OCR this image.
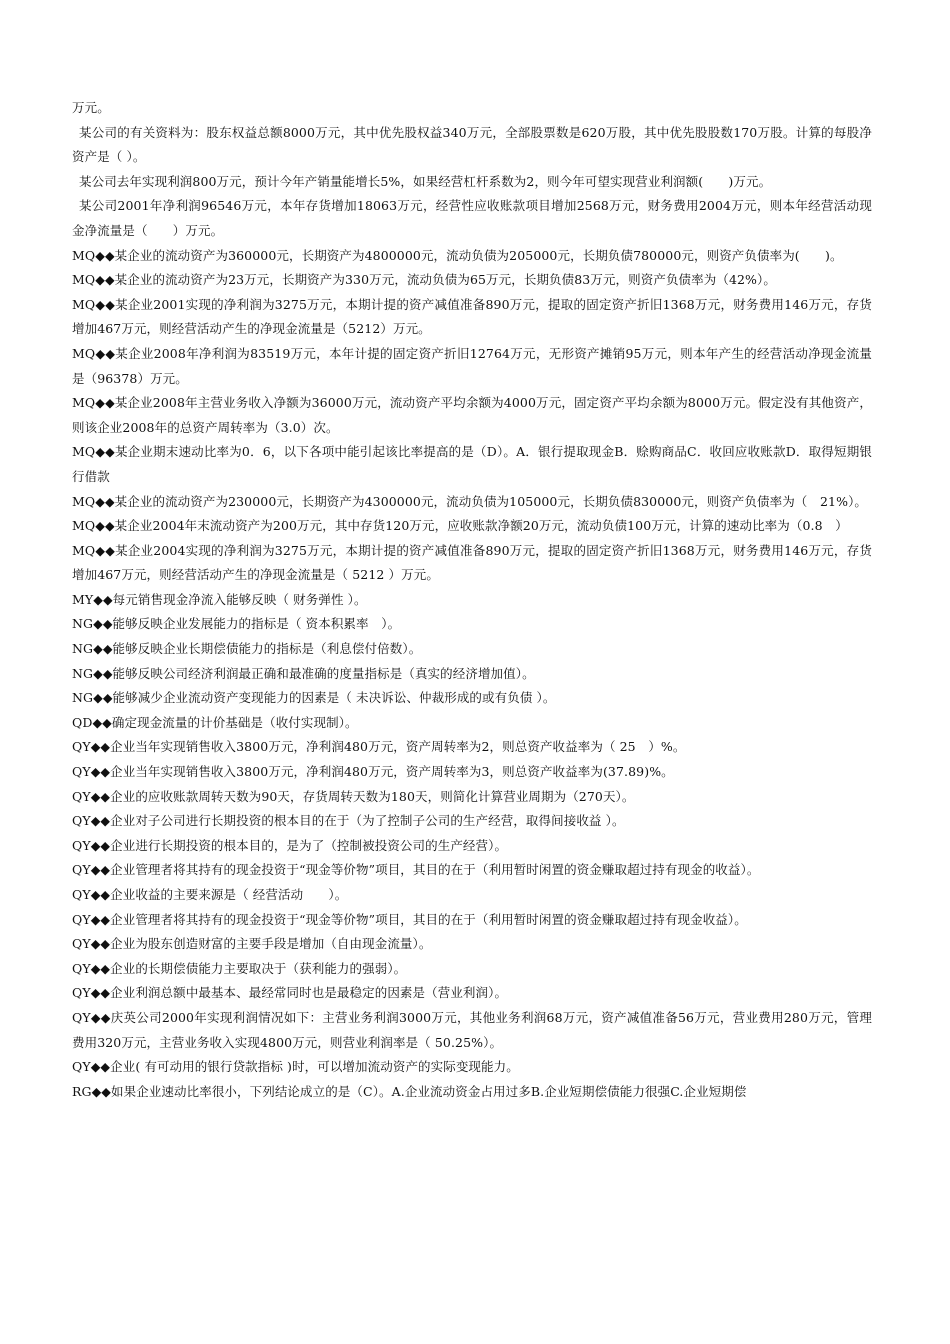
万元。

某公司的有关资料为：股东权益总额8000万元，其中优先股权益340万元，全部股票数是620万股，其中优先股股数170万股。计算的每股净资产是（ ）。

某公司去年实现利润800万元，预计今年产销量能增长5%，如果经营杠杆系数为2，则今年可望实现营业利润额(　　)万元。

某公司2001年净利润96546万元，本年存货增加18063万元，经营性应收账款项目增加2568万元，财务费用2004万元，则本年经营活动现金净流量是（　　）万元。

MQ◆◆某企业的流动资产为360000元，长期资产为4800000元，流动负债为205000元，长期负债780000元，则资产负债率为(　　)。

MQ◆◆某企业的流动资产为23万元，长期资产为330万元，流动负债为65万元，长期负债83万元，则资产负债率为（42%）。

MQ◆◆某企业2001实现的净利润为3275万元，本期计提的资产减值准备890万元，提取的固定资产折旧1368万元，财务费用146万元，存货增加467万元，则经营活动产生的净现金流量是（5212）万元。

MQ◆◆某企业2008年净利润为83519万元，本年计提的固定资产折旧12764万元，无形资产摊销95万元，则本年产生的经营活动净现金流量是（96378）万元。

MQ◆◆某企业2008年主营业务收入净额为36000万元，流动资产平均余额为4000万元，固定资产平均余额为8000万元。假定没有其他资产，则该企业2008年的总资产周转率为（3.0）次。

MQ◆◆某企业期末速动比率为0．6，以下各项中能引起该比率提高的是（D）。A．银行提取现金B．赊购商品C．收回应收账款D．取得短期银行借款

MQ◆◆某企业的流动资产为230000元，长期资产为4300000元，流动负债为105000元，长期负债830000元，则资产负债率为（　21%）。

MQ◆◆某企业2004年末流动资产为200万元，其中存货120万元，应收账款净额20万元，流动负债100万元，计算的速动比率为（0.8　）

MQ◆◆某企业2004实现的净利润为3275万元，本期计提的资产减值准备890万元，提取的固定资产折旧1368万元，财务费用146万元，存货增加467万元，则经营活动产生的净现金流量是（ 5212 ）万元。

MY◆◆每元销售现金净流入能够反映（ 财务弹性 ）。

NG◆◆能够反映企业发展能力的指标是（ 资本积累率　）。

NG◆◆能够反映企业长期偿债能力的指标是（利息偿付倍数）。

NG◆◆能够反映公司经济利润最正确和最准确的度量指标是（真实的经济增加值）。

NG◆◆能够减少企业流动资产变现能力的因素是（ 未决诉讼、仲裁形成的或有负债 ）。

QD◆◆确定现金流量的计价基础是（收付实现制）。

QY◆◆企业当年实现销售收入3800万元，净利润480万元，资产周转率为2，则总资产收益率为（ 25　）%。

QY◆◆企业当年实现销售收入3800万元，净利润480万元，资产周转率为3，则总资产收益率为(37.89)%。

QY◆◆企业的应收账款周转天数为90天，存货周转天数为180天，则简化计算营业周期为（270天）。

QY◆◆企业对子公司进行长期投资的根本目的在于（为了控制子公司的生产经营，取得间接收益 ）。

QY◆◆企业进行长期投资的根本目的，是为了（控制被投资公司的生产经营）。

QY◆◆企业管理者将其持有的现金投资于“现金等价物”项目，其目的在于（利用暂时闲置的资金赚取超过持有现金的收益）。

QY◆◆企业收益的主要来源是（ 经营活动　　）。

QY◆◆企业管理者将其持有的现金投资于“现金等价物”项目，其目的在于（利用暂时闲置的资金赚取超过持有现金收益）。

QY◆◆企业为股东创造财富的主要手段是增加（自由现金流量）。

QY◆◆企业的长期偿债能力主要取决于（获利能力的强弱）。

QY◆◆企业利润总额中最基本、最经常同时也是最稳定的因素是（营业利润）。

QY◆◆庆英公司2000年实现利润情况如下：主营业务利润3000万元，其他业务利润68万元，资产减值准备56万元，营业费用280万元，管理费用320万元，主营业务收入实现4800万元，则营业利润率是（ 50.25%）。

QY◆◆企业( 有可动用的银行贷款指标 )时，可以增加流动资产的实际变现能力。

RG◆◆如果企业速动比率很小，下列结论成立的是（C）。A.企业流动资金占用过多B.企业短期偿债能力很强C.企业短期偿
